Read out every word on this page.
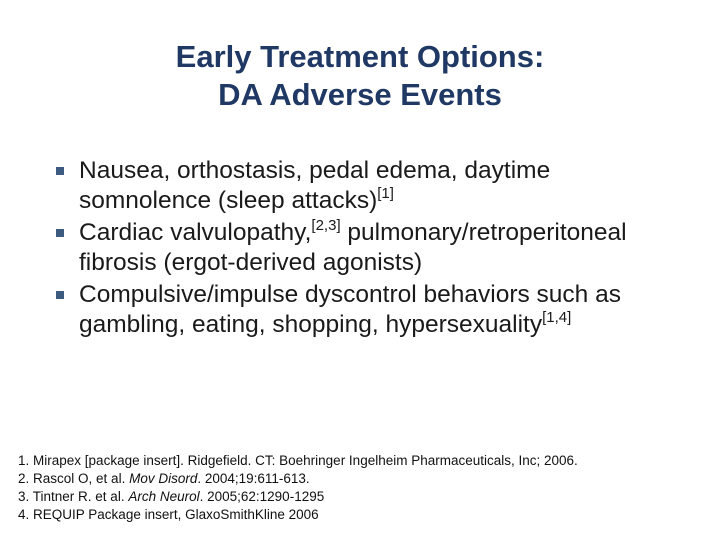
Early Treatment Options:
DA Adverse Events
Nausea, orthostasis, pedal edema, daytime somnolence (sleep attacks)[1]
Cardiac valvulopathy,[2,3] pulmonary/retroperitoneal fibrosis (ergot-derived agonists)
Compulsive/impulse dyscontrol behaviors such as gambling, eating, shopping, hypersexuality[1,4]
1. Mirapex [package insert]. Ridgefield. CT: Boehringer Ingelheim Pharmaceuticals, Inc; 2006.
2. Rascol O, et al. Mov Disord. 2004;19:611-613.
3. Tintner R. et al. Arch Neurol. 2005;62:1290-1295
4. REQUIP Package insert, GlaxoSmithKline 2006
